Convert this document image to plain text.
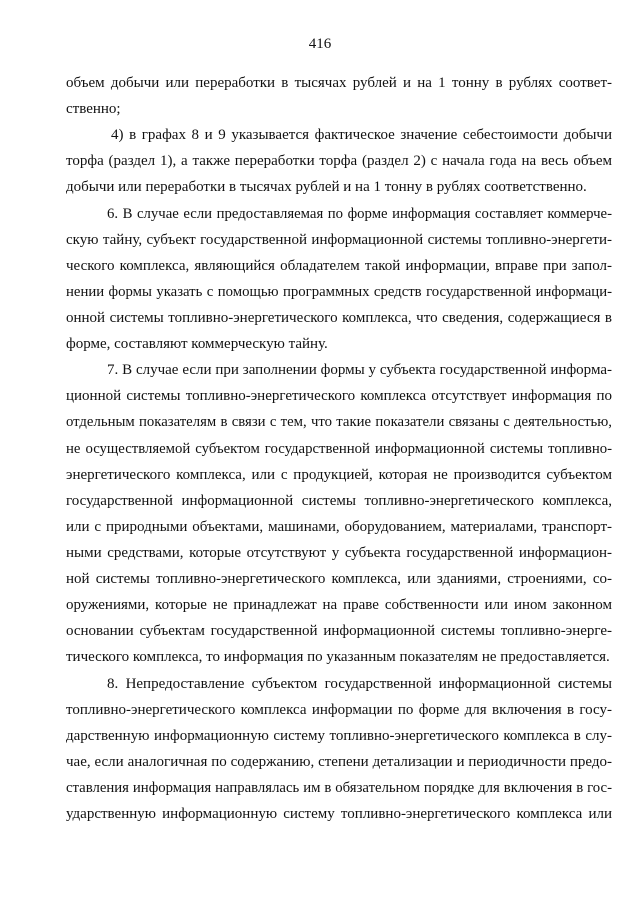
416
объем добычи или переработки в тысячах рублей и на 1 тонну в рублях соответ-
ственно;
4) в графах 8 и 9 указывается фактическое значение себестоимости добычи
торфа (раздел 1), а также переработки торфа (раздел 2) с начала года на весь объем
добычи или переработки в тысячах рублей и на 1 тонну в рублях соответственно.
6. В случае если предоставляемая по форме информация составляет коммерче-
скую тайну, субъект государственной информационной системы топливно-энергети-
ческого комплекса, являющийся обладателем такой информации, вправе при запол-
нении формы указать с помощью программных средств государственной информаци-
онной системы топливно-энергетического комплекса, что сведения, содержащиеся в
форме, составляют коммерческую тайну.
7. В случае если при заполнении формы у субъекта государственной информа-
ционной системы топливно-энергетического комплекса отсутствует информация по
отдельным показателям в связи с тем, что такие показатели связаны с деятельностью,
не осуществляемой субъектом государственной информационной системы топливно-
энергетического комплекса, или с продукцией, которая не производится субъектом
государственной информационной системы топливно-энергетического комплекса,
или с природными объектами, машинами, оборудованием, материалами, транспорт-
ными средствами, которые отсутствуют у субъекта государственной информацион-
ной системы топливно-энергетического комплекса, или зданиями, строениями, со-
оружениями, которые не принадлежат на праве собственности или ином законном
основании субъектам государственной информационной системы топливно-энерге-
тического комплекса, то информация по указанным показателям не предоставляется.
8. Непредоставление субъектом государственной информационной системы
топливно-энергетического комплекса информации по форме для включения в госу-
дарственную информационную систему топливно-энергетического комплекса в слу-
чае, если аналогичная по содержанию, степени детализации и периодичности предо-
ставления информация направлялась им в обязательном порядке для включения в гос-
ударственную информационную систему топливно-энергетического комплекса или
